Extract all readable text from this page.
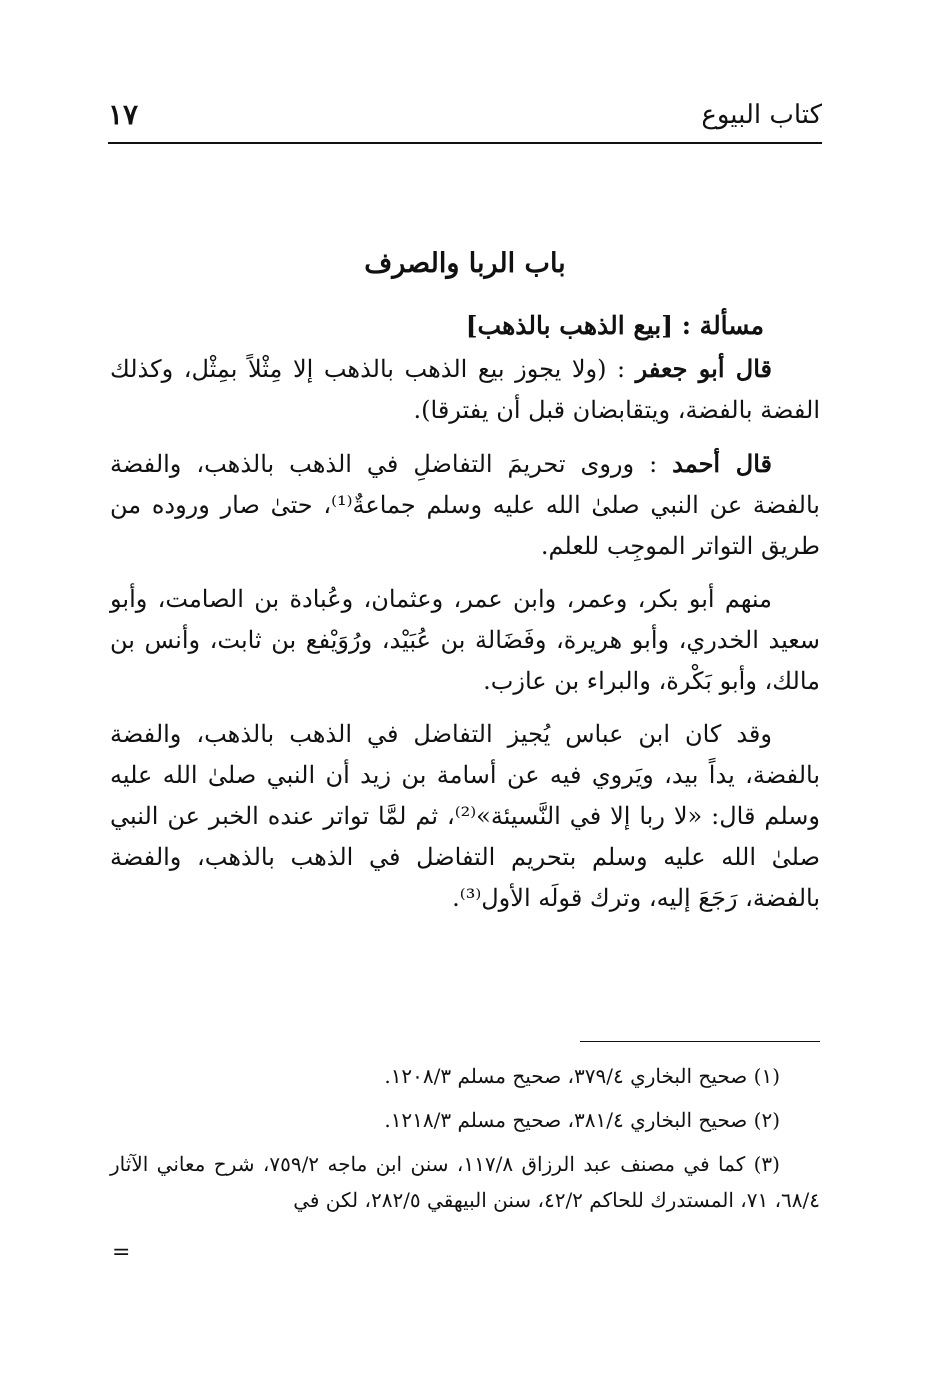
كتاب البيوع
١٧
باب الربا والصرف
مسألة : [بيع الذهب بالذهب]

قال أبو جعفر : (ولا يجوز بيع الذهب بالذهب إلا مِثْلاً بمِثْل، وكذلك الفضة بالفضة، ويتقابضان قبل أن يفترقا).

قال أحمد : وروى تحريمَ التفاضلِ في الذهب بالذهب، والفضة بالفضة عن النبي صلىٰ الله عليه وسلم جماعةٌ⁽¹⁾، حتىٰ صار وروده من طريق التواتر الموجِب للعلم.

منهم أبو بكر، وعمر، وابن عمر، وعثمان، وعُبادة بن الصامت، وأبو سعيد الخدري، وأبو هريرة، وفَضَالة بن عُبَيْد، ورُوَيْفع بن ثابت، وأنس بن مالك، وأبو بَكْرة، والبراء بن عازب.

وقد كان ابن عباس يُجيز التفاضل في الذهب بالذهب، والفضة بالفضة، يداً بيد، ويَروي فيه عن أسامة بن زيد أن النبي صلىٰ الله عليه وسلم قال: «لا ربا إلا في النَّسيئة»⁽²⁾، ثم لمَّا تواتر عنده الخبر عن النبي صلىٰ الله عليه وسلم بتحريم التفاضل في الذهب بالذهب، والفضة بالفضة، رَجَعَ إليه، وترك قولَه الأول⁽³⁾.

(١) صحيح البخاري ٣٧٩/٤، صحيح مسلم ١٢٠٨/٣.

(٢) صحيح البخاري ٣٨١/٤، صحيح مسلم ١٢١٨/٣.

(٣) كما في مصنف عبد الرزاق ١١٧/٨، سنن ابن ماجه ٧٥٩/٢، شرح معاني الآثار ٦٨/٤، ٧١، المستدرك للحاكم ٤٢/٢، سنن البيهقي ٢٨٢/٥، لكن في

=
